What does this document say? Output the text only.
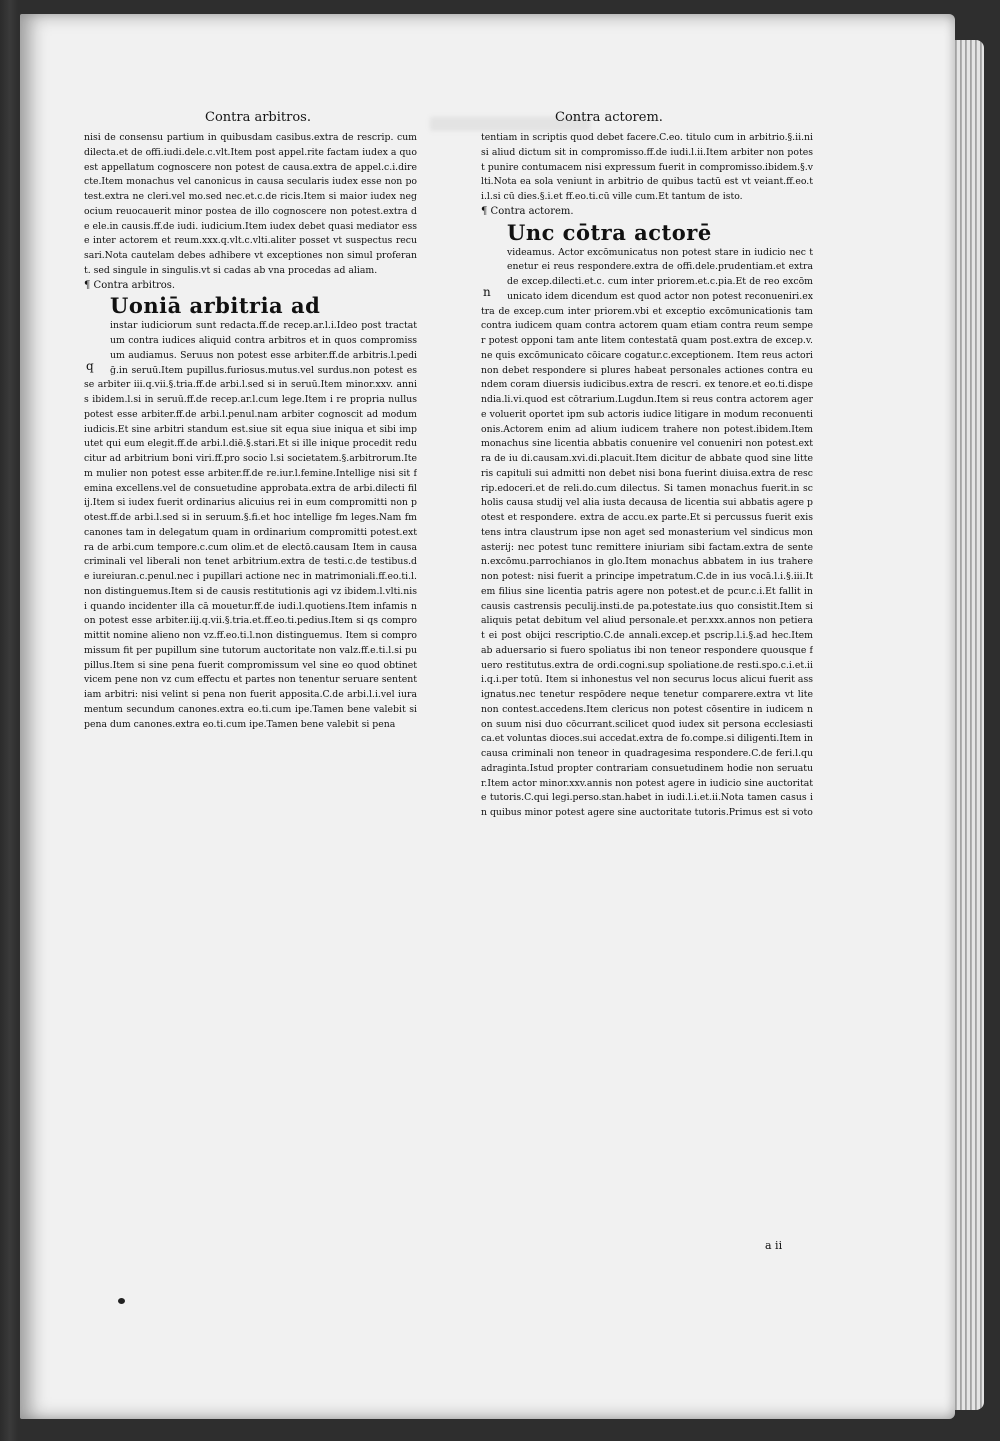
Contra arbitros.	Contra actorem.

nisi de consensu partium in quibusdam casibus.extra de rescrip. cum dilecta.et de offi.iudi.dele.c.vlt.Item post appel.rite factam iudex a quo est appellatum cognoscere non potest de causa.extra de appel.c.i.directe.Item monachus vel canonicus in causa secularis iudex esse non potest.extra ne cleri.vel mo.sed nec.et.c.de ricis.Item si maior iudex negocium reuocauerit minor postea de illo cognoscere non potest.extra de ele.in causis.ff.de iudi. iudicium.Item iudex debet quasi mediator esse inter actorem et reum.xxx.q.vlt.c.vlti.aliter posset vt suspectus recusari.Nota cautelam debes adhibere vt exceptiones non simul proferant. sed singule in singulis.vt si cadas ab vna procedas ad aliam.

¶ Contra arbitros.

q
Uoniā arbitria ad

instar iudiciorum sunt redacta.ff.de recep.ar.l.i.Ideo post tractatum contra iudices aliquid contra arbitros et in quos compromissum audiamus. Seruus non potest esse arbiter.ff.de arbitris.l.pediḡ.in seruū.Item pupillus.furiosus.mutus.vel surdus.non potest esse arbiter iii.q.vii.§.tria.ff.de arbi.l.sed si in seruū.Item minor.xxv. annis ibidem.l.si in seruū.ff.de recep.ar.l.cum lege.Item i re propria nullus potest esse arbiter.ff.de arbi.l.penul.nam arbiter cognoscit ad modum iudicis.Et sine arbitri standum est.siue sit equa siue iniqua et sibi imputet qui eum elegit.ff.de arbi.l.diē.§.stari.Et si ille inique procedit reducitur ad arbitrium boni viri.ff.pro socio l.si societatem.§.arbitrorum.Item mulier non potest esse arbiter.ff.de re.iur.l.femine.Intellige nisi sit femina excellens.vel de consuetudine approbata.extra de arbi.dilecti filij.Item si iudex fuerit ordinarius alicuius rei in eum compromitti non potest.ff.de arbi.l.sed si in seruum.§.fi.et hoc intellige fm leges.Nam fm canones tam in delegatum quam in ordinarium compromitti potest.extra de arbi.cum tempore.c.cum olim.et de electō.causam Item in causa criminali vel liberali non tenet arbitrium.extra de testi.c.de testibus.de iureiuran.c.penul.nec i pupillari actione nec in matrimoniali.ff.eo.ti.l.non distinguemus.Item si de causis restitutionis agi vz ibidem.l.vlti.nisi quando incidenter illa cā mouetur.ff.de iudi.l.quotiens.Item infamis non potest esse arbiter.iij.q.vii.§.tria.et.ff.eo.ti.pedius.Item si qs compromittit nomine alieno non vz.ff.eo.ti.l.non distinguemus. Item si compromissum fit per pupillum sine tutorum auctoritate non valz.ff.e.ti.l.si pupillus.Item si sine pena fuerit compromissum vel sine eo quod obtinet vicem pene non vz cum effectu et partes non tenentur seruare sententiam arbitri: nisi velint si pena non fuerit apposita.C.de arbi.l.i.vel iuramentum secundum canones.extra eo.ti.cum ipe.Tamen bene valebit si pena dum canones.extra eo.ti.cum ipe.Tamen bene valebit si pena

tentiam in scriptis quod debet facere.C.eo. titulo cum in arbitrio.§.ii.nisi aliud dictum sit in compromisso.ff.de iudi.l.ii.Item arbiter non potest punire contumacem nisi expressum fuerit in compromisso.ibidem.§.vlti.Nota ea sola veniunt in arbitrio de quibus tactū est vt veiant.ff.eo.ti.l.si cū dies.§.i.et ff.eo.ti.cū ville cum.Et tantum de isto.

¶ Contra actorem.

n
Unc cōtra actorē

videamus. Actor excōmunicatus non potest stare in iudicio nec tenetur ei reus respondere.extra de offi.dele.prudentiam.et extra de excep.dilecti.et.c. cum inter priorem.et.c.pia.Et de reo excōmunicato idem dicendum est quod actor non potest reconueniri.extra de excep.cum inter priorem.vbi et exceptio excōmunicationis tam contra iudicem quam contra actorem quam etiam contra reum semper potest opponi tam ante litem contestatā quam post.extra de excep.v. ne quis excōmunicato cōicare cogatur.c.exceptionem. Item reus actori non debet respondere si plures habeat personales actiones contra eundem coram diuersis iudicibus.extra de rescri. ex tenore.et eo.ti.dispendia.li.vi.quod est cōtrarium.Lugdun.Item si reus contra actorem agere voluerit oportet ipm sub actoris iudice litigare in modum reconuentionis.Actorem enim ad alium iudicem trahere non potest.ibidem.Item monachus sine licentia abbatis conuenire vel conueniri non potest.extra de iu di.causam.xvi.di.placuit.Item dicitur de abbate quod sine litteris capituli sui admitti non debet nisi bona fuerint diuisa.extra de rescrip.edoceri.et de reli.do.cum dilectus. Si tamen monachus fuerit.in scholis causa studij vel alia iusta decausa de licentia sui abbatis agere potest et respondere. extra de accu.ex parte.Et si percussus fuerit existens intra claustrum ipse non aget sed monasterium vel sindicus monasterij: nec potest tunc remittere iniuriam sibi factam.extra de senten.excōmu.parrochianos in glo.Item monachus abbatem in ius trahere non potest: nisi fuerit a principe impetratum.C.de in ius vocā.l.i.§.iii.Item filius sine licentia patris agere non potest.et de pcur.c.i.Et fallit in causis castrensis peculij.insti.de pa.potestate.ius quo consistit.Item si aliquis petat debitum vel aliud personale.et per.xxx.annos non petierat ei post obijci rescriptio.C.de annali.excep.et pscrip.l.i.§.ad hec.Item ab aduersario si fuero spoliatus ibi non teneor respondere quousque fuero restitutus.extra de ordi.cogni.sup spoliatione.de resti.spo.c.i.et.iii.q.i.per totū. Item si inhonestus vel non securus locus alicui fuerit assignatus.nec tenetur respōdere neque tenetur comparere.extra vt lite non contest.accedens.Item clericus non potest cōsentire in iudicem non suum nisi duo cōcurrant.scilicet quod iudex sit persona ecclesiastica.et voluntas dioces.sui accedat.extra de fo.compe.si diligenti.Item in causa criminali non teneor in quadragesima respondere.C.de feri.l.quadraginta.Istud propter contrariam consuetudinem hodie non seruatur.Item actor minor.xxv.annis non potest agere in iudicio sine auctoritate tutoris.C.qui legi.perso.stan.habet in iudi.l.i.et.ii.Nota tamen casus in quibus minor potest agere sine auctoritate tutoris.Primus est si voto

a ii
